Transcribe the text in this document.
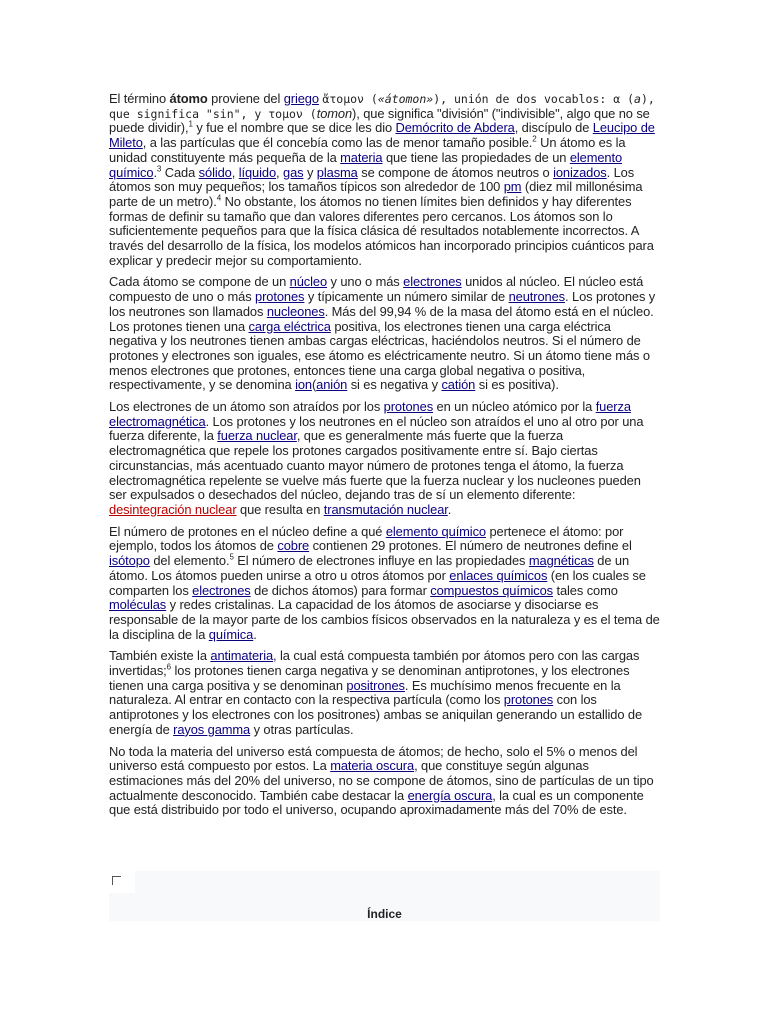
El término átomo proviene del griego ἄτομον («átomon»), unión de dos vocablos: α (a), que significa "sin", y τομον (tomon), que significa "división" ("indivisible", algo que no se puede dividir),$^1$ y fue el nombre que se dice les dio Demócrito de Abdera, discípulo de Leucipo de Mileto, a las partículas que él concebía como las de menor tamaño posible.$^2$ Un átomo es la unidad constituyente más pequeña de la materia que tiene las propiedades de un elemento químico.$^3$ Cada sólido, líquido, gas y plasma se compone de átomos neutros o ionizados. Los átomos son muy pequeños; los tamaños típicos son alrededor de 100 pm (diez mil millonésima parte de un metro).$^4$ No obstante, los átomos no tienen límites bien definidos y hay diferentes formas de definir su tamaño que dan valores diferentes pero cercanos. Los átomos son lo suficientemente pequeños para que la física clásica dé resultados notablemente incorrectos. A través del desarrollo de la física, los modelos atómicos han incorporado principios cuánticos para explicar y predecir mejor su comportamiento.

Cada átomo se compone de un núcleo y uno o más electrones unidos al núcleo. El núcleo está compuesto de uno o más protones y típicamente un número similar de neutrones. Los protones y los neutrones son llamados nucleones. Más del 99,94 % de la masa del átomo está en el núcleo. Los protones tienen una carga eléctrica positiva, los electrones tienen una carga eléctrica negativa y los neutrones tienen ambas cargas eléctricas, haciéndolos neutros. Si el número de protones y electrones son iguales, ese átomo es eléctricamente neutro. Si un átomo tiene más o menos electrones que protones, entonces tiene una carga global negativa o positiva, respectivamente, y se denomina ion(anión si es negativa y catión si es positiva).

Los electrones de un átomo son atraídos por los protones en un núcleo atómico por la fuerza electromagnética. Los protones y los neutrones en el núcleo son atraídos el uno al otro por una fuerza diferente, la fuerza nuclear, que es generalmente más fuerte que la fuerza electromagnética que repele los protones cargados positivamente entre sí. Bajo ciertas circunstancias, más acentuado cuanto mayor número de protones tenga el átomo, la fuerza electromagnética repelente se vuelve más fuerte que la fuerza nuclear y los nucleones pueden ser expulsados o desechados del núcleo, dejando tras de sí un elemento diferente: desintegración nuclear que resulta en transmutación nuclear.

El número de protones en el núcleo define a qué elemento químico pertenece el átomo: por ejemplo, todos los átomos de cobre contienen 29 protones. El número de neutrones define el isótopo del elemento.$^5$ El número de electrones influye en las propiedades magnéticas de un átomo. Los átomos pueden unirse a otro u otros átomos por enlaces químicos (en los cuales se comparten los electrones de dichos átomos) para formar compuestos químicos tales como moléculas y redes cristalinas. La capacidad de los átomos de asociarse y disociarse es responsable de la mayor parte de los cambios físicos observados en la naturaleza y es el tema de la disciplina de la química.

También existe la antimateria, la cual está compuesta también por átomos pero con las cargas invertidas;$^6$ los protones tienen carga negativa y se denominan antiprotones, y los electrones tienen una carga positiva y se denominan positrones. Es muchísimo menos frecuente en la naturaleza. Al entrar en contacto con la respectiva partícula (como los protones con los antiprotones y los electrones con los positrones) ambas se aniquilan generando un estallido de energía de rayos gamma y otras partículas.

No toda la materia del universo está compuesta de átomos; de hecho, solo el 5% o menos del universo está compuesto por estos. La materia oscura, que constituye según algunas estimaciones más del 20% del universo, no se compone de átomos, sino de partículas de un tipo actualmente desconocido. También cabe destacar la energía oscura, la cual es un componente que está distribuido por todo el universo, ocupando aproximadamente más del 70% de este.

Índice
